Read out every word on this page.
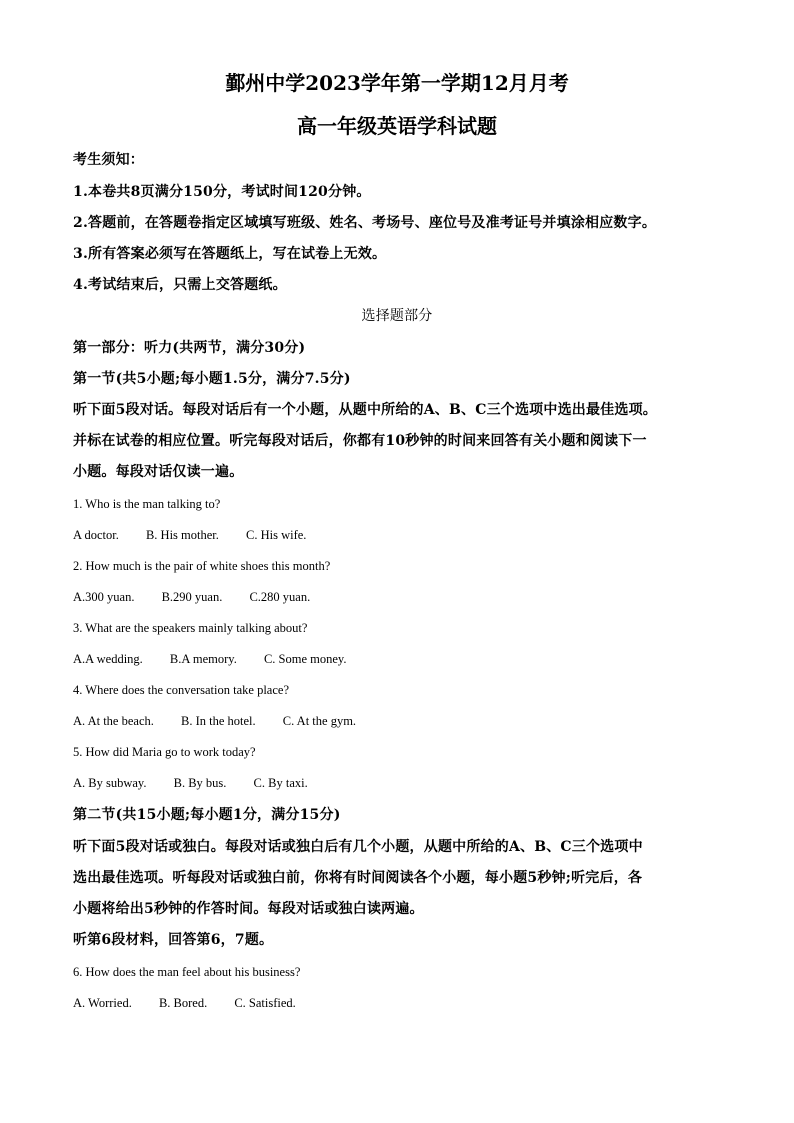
鄞州中学2023学年第一学期12月月考
高一年级英语学科试题
考生须知：
1.本卷共8页满分150分，考试时间120分钟。
2.答题前，在答题卷指定区域填写班级、姓名、考场号、座位号及准考证号并填涂相应数字。
3.所有答案必须写在答题纸上，写在试卷上无效。
4.考试结束后，只需上交答题纸。
选择题部分
第一部分：听力(共两节，满分30分)
第一节(共5小题;每小题1.5分，满分7.5分)
听下面5段对话。每段对话后有一个小题，从题中所给的A、B、C三个选项中选出最佳选项。
并标在试卷的相应位置。听完每段对话后，你都有10秒钟的时间来回答有关小题和阅读下一
小题。每段对话仅读一遍。
1. Who is the man talking to?
A doctor. B. His mother. C. His wife.
2. How much is the pair of white shoes this month?
A.300 yuan. B.290 yuan. C.280 yuan.
3. What are the speakers mainly talking about?
A.A wedding. B.A memory. C. Some money.
4. Where does the conversation take place?
A. At the beach. B. In the hotel. C. At the gym.
5. How did Maria go to work today?
A. By subway. B. By bus. C. By taxi.
第二节(共15小题;每小题1分，满分15分)
听下面5段对话或独白。每段对话或独白后有几个小题，从题中所给的A、B、C三个选项中
选出最佳选项。听每段对话或独白前，你将有时间阅读各个小题，每小题5秒钟;听完后，各
小题将给出5秒钟的作答时间。每段对话或独白读两遍。
听第6段材料，回答第6，7题。
6. How does the man feel about his business?
A. Worried. B. Bored. C. Satisfied.
